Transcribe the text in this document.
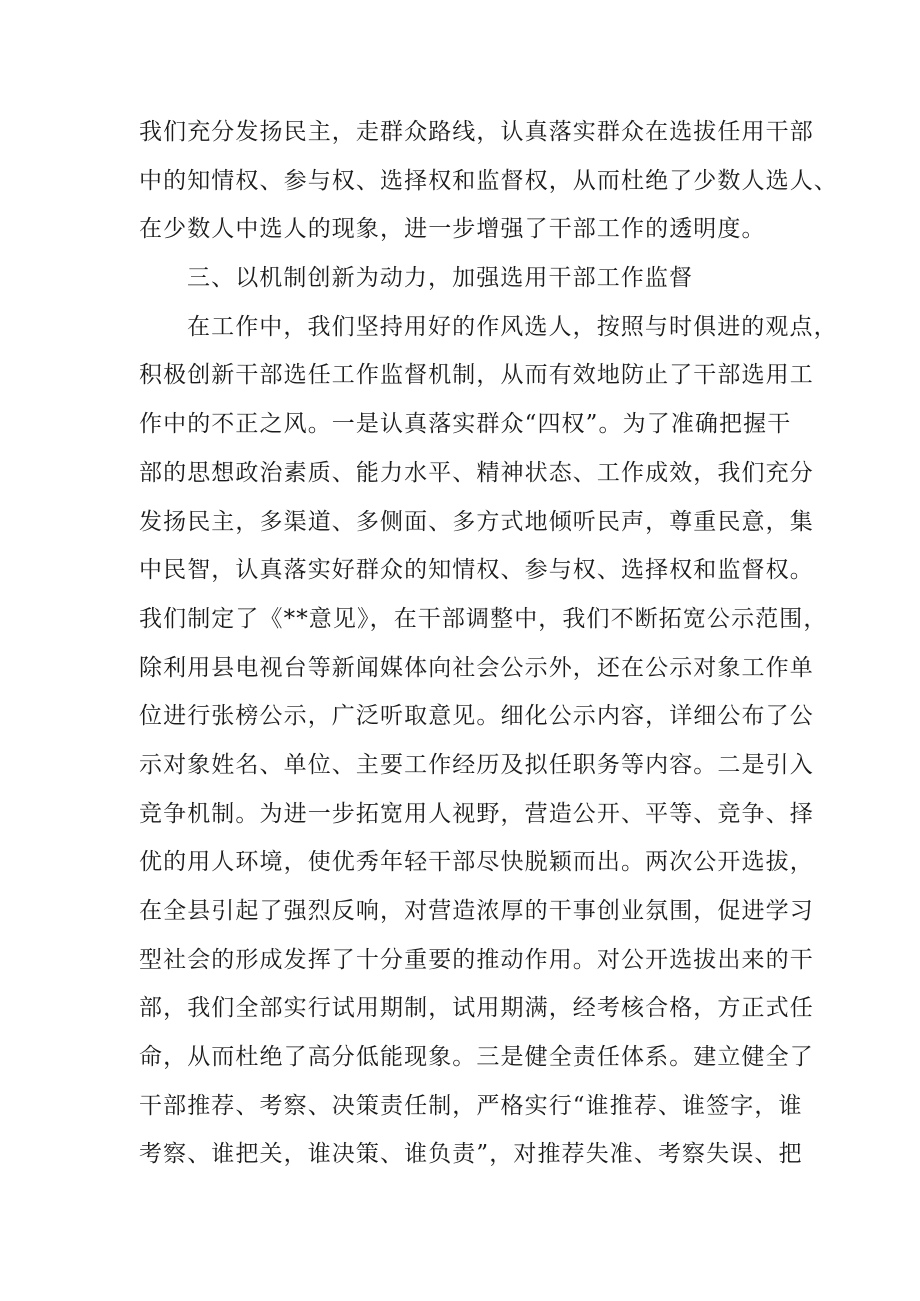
我们充分发扬民主，走群众路线，认真落实群众在选拔任用干部
中的知情权、参与权、选择权和监督权，从而杜绝了少数人选人、
在少数人中选人的现象，进一步增强了干部工作的透明度。
三、以机制创新为动力，加强选用干部工作监督
在工作中，我们坚持用好的作风选人，按照与时俱进的观点，
积极创新干部选任工作监督机制，从而有效地防止了干部选用工
作中的不正之风。一是认真落实群众“四权”。为了准确把握干
部的思想政治素质、能力水平、精神状态、工作成效，我们充分
发扬民主，多渠道、多侧面、多方式地倾听民声，尊重民意，集
中民智，认真落实好群众的知情权、参与权、选择权和监督权。
我们制定了《**意见》，在干部调整中，我们不断拓宽公示范围，
除利用县电视台等新闻媒体向社会公示外，还在公示对象工作单
位进行张榜公示，广泛听取意见。细化公示内容，详细公布了公
示对象姓名、单位、主要工作经历及拟任职务等内容。二是引入
竞争机制。为进一步拓宽用人视野，营造公开、平等、竞争、择
优的用人环境，使优秀年轻干部尽快脱颖而出。两次公开选拔，
在全县引起了强烈反响，对营造浓厚的干事创业氛围，促进学习
型社会的形成发挥了十分重要的推动作用。对公开选拔出来的干
部，我们全部实行试用期制，试用期满，经考核合格，方正式任
命，从而杜绝了高分低能现象。三是健全责任体系。建立健全了
干部推荐、考察、决策责任制，严格实行“谁推荐、谁签字，谁
考察、谁把关，谁决策、谁负责”，对推荐失准、考察失误、把
